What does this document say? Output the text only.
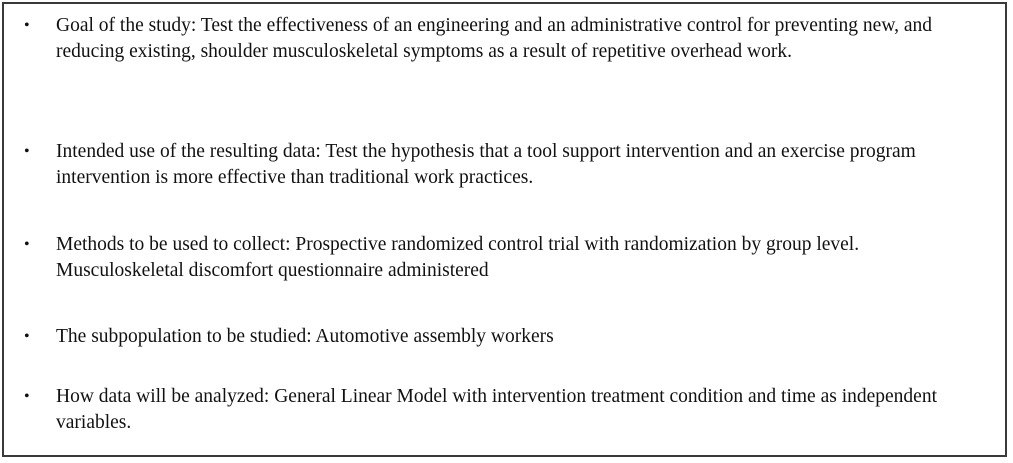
•	Goal of the study: Test the effectiveness of an engineering and an administrative control for preventing new, and reducing existing, shoulder musculoskeletal symptoms as a result of repetitive overhead work.

•	Intended use of the resulting data: Test the hypothesis that a tool support intervention and an exercise program intervention is more effective than traditional work practices.

•	Methods to be used to collect: Prospective randomized control trial with randomization by group level. Musculoskeletal discomfort questionnaire administered

•	The subpopulation to be studied: Automotive assembly workers

•	How data will be analyzed: General Linear Model with intervention treatment condition and time as independent variables.
